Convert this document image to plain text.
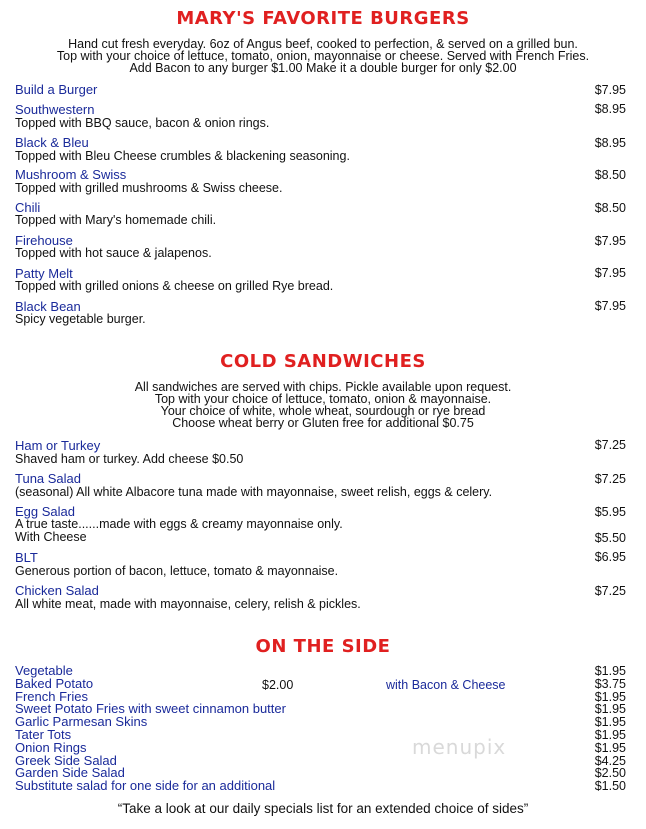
MARY'S FAVORITE BURGERS
Hand cut fresh everyday. 6oz of Angus beef, cooked to perfection, & served on a grilled bun.
Top with your choice of lettuce, tomato, onion, mayonnaise or cheese. Served with French Fries.
Add Bacon to any burger $1.00 Make it a double burger for only $2.00
Build a Burger	$7.95
Southwestern
Topped with BBQ sauce, bacon & onion rings.
$8.95
Black & Bleu
Topped with Bleu Cheese crumbles & blackening seasoning.
$8.95
Mushroom & Swiss
Topped with grilled mushrooms & Swiss cheese.
$8.50
Chili
Topped with Mary's homemade chili.
$8.50
Firehouse
Topped with hot sauce & jalapenos.
$7.95
Patty Melt
Topped with grilled onions & cheese on grilled Rye bread.
$7.95
Black Bean
Spicy vegetable burger.
$7.95
COLD SANDWICHES
All sandwiches are served with chips. Pickle available upon request.
Top with your choice of lettuce, tomato, onion & mayonnaise.
Your choice of white, whole wheat, sourdough or rye bread
Choose wheat berry or Gluten free for additional $0.75
Ham or Turkey
Shaved ham or turkey. Add cheese $0.50
$7.25
Tuna Salad
(seasonal) All white Albacore tuna made with mayonnaise, sweet relish, eggs & celery.
$7.25
Egg Salad
A true taste......made with eggs & creamy mayonnaise only.
With Cheese
$5.95
$5.50
BLT
Generous portion of bacon, lettuce, tomato & mayonnaise.
$6.95
Chicken Salad
All white meat, made with mayonnaise, celery, relish & pickles.
$7.25
ON THE SIDE
Vegetable
Baked Potato
French Fries
Sweet Potato Fries with sweet cinnamon butter
Garlic Parmesan Skins
Tater Tots
Onion Rings
Greek Side Salad
Garden Side Salad
Substitute salad for one side for an additional
$2.00	with Bacon & Cheese
$1.95
$3.75
$1.95
$1.95
$1.95
$1.95
$1.95
$4.25
$2.50
$1.50
menupix
“Take a look at our daily specials list for an extended choice of sides”
